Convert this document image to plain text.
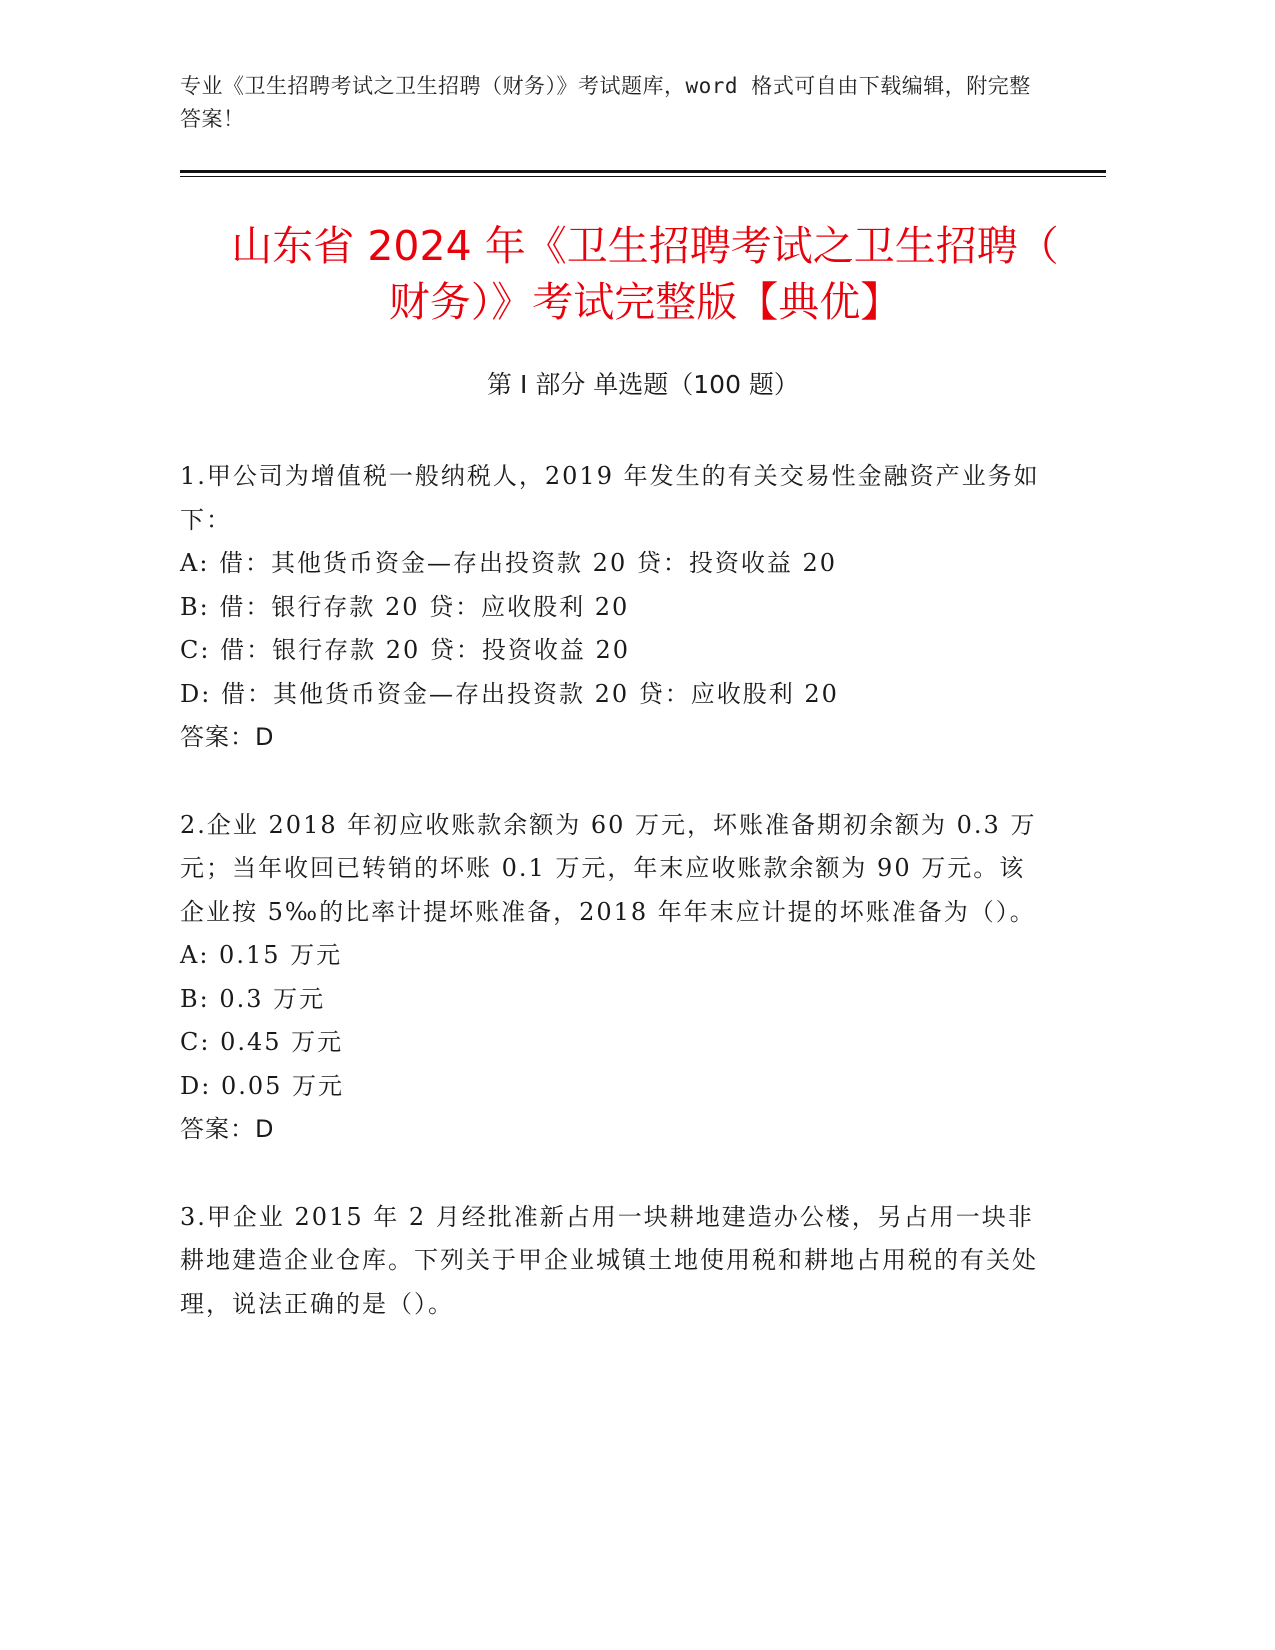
专业《卫生招聘考试之卫生招聘（财务）》考试题库，word 格式可自由下载编辑，附完整答案！
山东省 2024 年《卫生招聘考试之卫生招聘（
财务）》考试完整版【典优】
第 I 部分 单选题（100 题）
1.甲公司为增值税一般纳税人，2019 年发生的有关交易性金融资产业务如下：
A: 借：其他货币资金—存出投资款 20 贷：投资收益 20
B: 借：银行存款 20 贷：应收股利 20
C: 借：银行存款 20 贷：投资收益 20
D: 借：其他货币资金—存出投资款 20 贷：应收股利 20
答案：D
2.企业 2018 年初应收账款余额为 60 万元，坏账准备期初余额为 0.3 万元；当年收回已转销的坏账 0.1 万元，年末应收账款余额为 90 万元。该企业按 5‰的比率计提坏账准备，2018 年年末应计提的坏账准备为（）。
A: 0.15 万元
B: 0.3 万元
C: 0.45 万元
D: 0.05 万元
答案：D
3.甲企业 2015 年 2 月经批准新占用一块耕地建造办公楼，另占用一块非耕地建造企业仓库。下列关于甲企业城镇土地使用税和耕地占用税的有关处理，说法正确的是（）。
